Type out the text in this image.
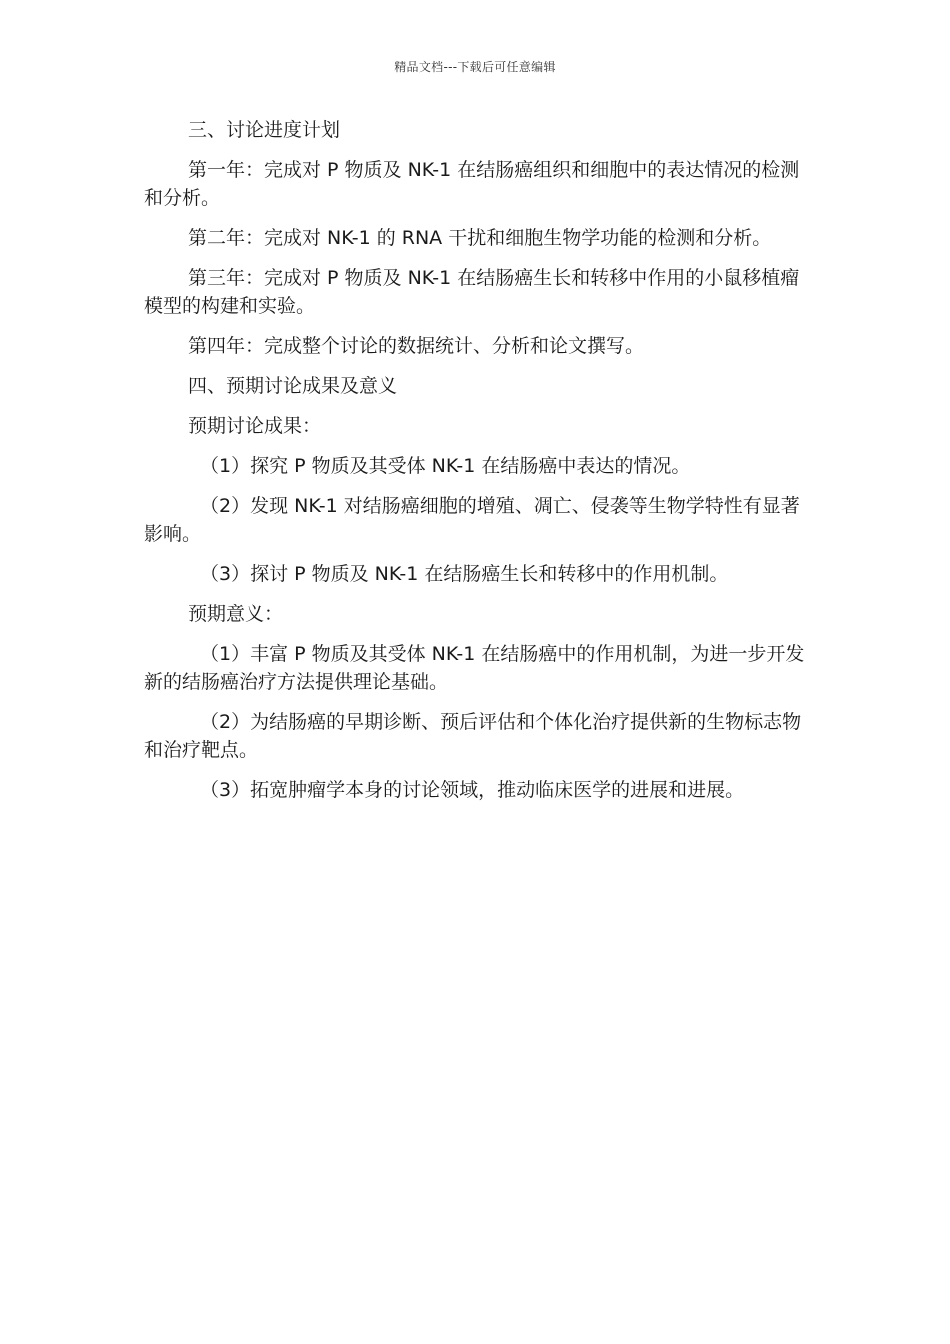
精品文档---下载后可任意编辑

三、讨论进度计划

第一年：完成对 P 物质及 NK-1 在结肠癌组织和细胞中的表达情况的检测和分析。

第二年：完成对 NK-1 的 RNA 干扰和细胞生物学功能的检测和分析。

第三年：完成对 P 物质及 NK-1 在结肠癌生长和转移中作用的小鼠移植瘤模型的构建和实验。

第四年：完成整个讨论的数据统计、分析和论文撰写。

四、预期讨论成果及意义

预期讨论成果：

（1）探究 P 物质及其受体 NK-1 在结肠癌中表达的情况。

（2）发现 NK-1 对结肠癌细胞的增殖、凋亡、侵袭等生物学特性有显著影响。

（3）探讨 P 物质及 NK-1 在结肠癌生长和转移中的作用机制。

预期意义：

（1）丰富 P 物质及其受体 NK-1 在结肠癌中的作用机制，为进一步开发新的结肠癌治疗方法提供理论基础。

（2）为结肠癌的早期诊断、预后评估和个体化治疗提供新的生物标志物和治疗靶点。

（3）拓宽肿瘤学本身的讨论领域，推动临床医学的进展和进展。
